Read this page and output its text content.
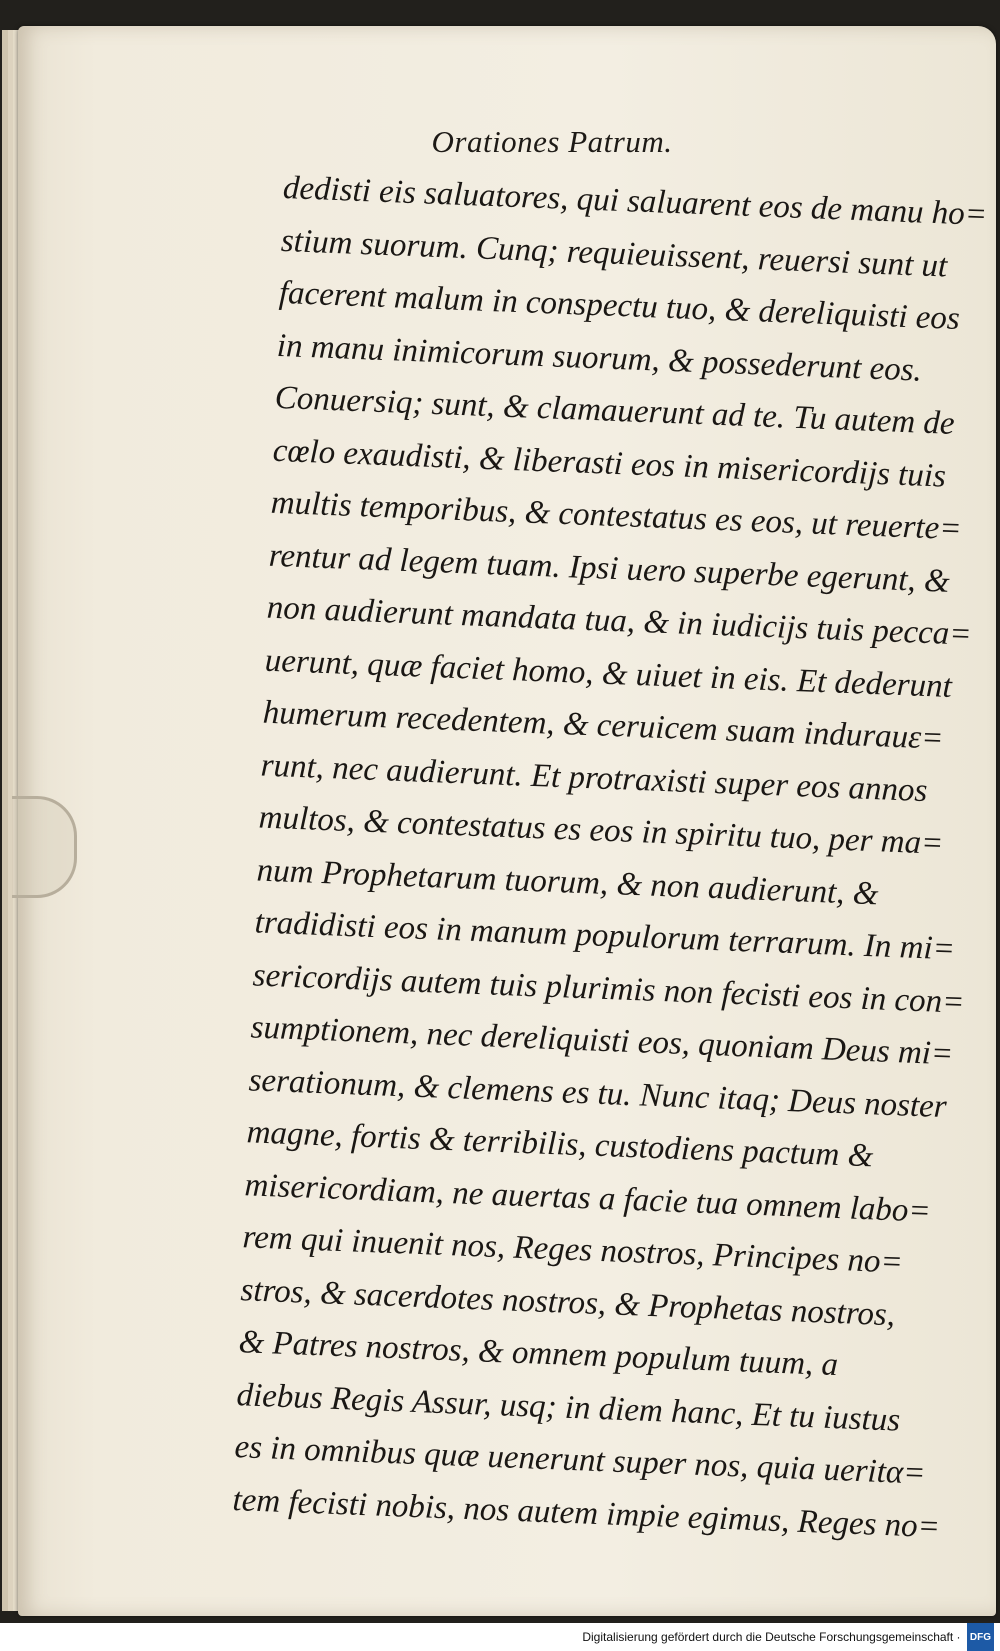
Orationes Patrum.
dedisti eis saluatores, qui saluarent eos de manu ho=
stium suorum. Cunq; requieuissent, reuersi sunt ut
facerent malum in conspectu tuo, & dereliquisti eos
in manu inimicorum suorum, & possederunt eos.
Conuersiq; sunt, & clamauerunt ad te. Tu autem de
cœlo exaudisti, & liberasti eos in misericordijs tuis
multis temporibus, & contestatus es eos, ut reuerte=
rentur ad legem tuam. Ipsi uero superbe egerunt, &
non audierunt mandata tua, & in iudicijs tuis pecca=
uerunt, quæ faciet homo, & uiuet in eis. Et dederunt
humerum recedentem, & ceruicem suam indurauε=
runt, nec audierunt. Et protraxisti super eos annos
multos, & contestatus es eos in spiritu tuo, per ma=
num Prophetarum tuorum, & non audierunt, &
tradidisti eos in manum populorum terrarum. In mi=
sericordijs autem tuis plurimis non fecisti eos in con=
sumptionem, nec dereliquisti eos, quoniam Deus mi=
serationum, & clemens es tu. Nunc itaq; Deus noster
magne, fortis & terribilis, custodiens pactum &
misericordiam, ne auertas a facie tua omnem labo=
rem qui inuenit nos, Reges nostros, Principes no=
stros, & sacerdotes nostros, & Prophetas nostros,
& Patres nostros, & omnem populum tuum, a
diebus Regis Assur, usq; in diem hanc, Et tu iustus
es in omnibus quæ uenerunt super nos, quia ueritα=
tem fecisti nobis, nos autem impie egimus, Reges no=
Digitalisierung gefördert durch die Deutsche Forschungsgemeinschaft · DFG
